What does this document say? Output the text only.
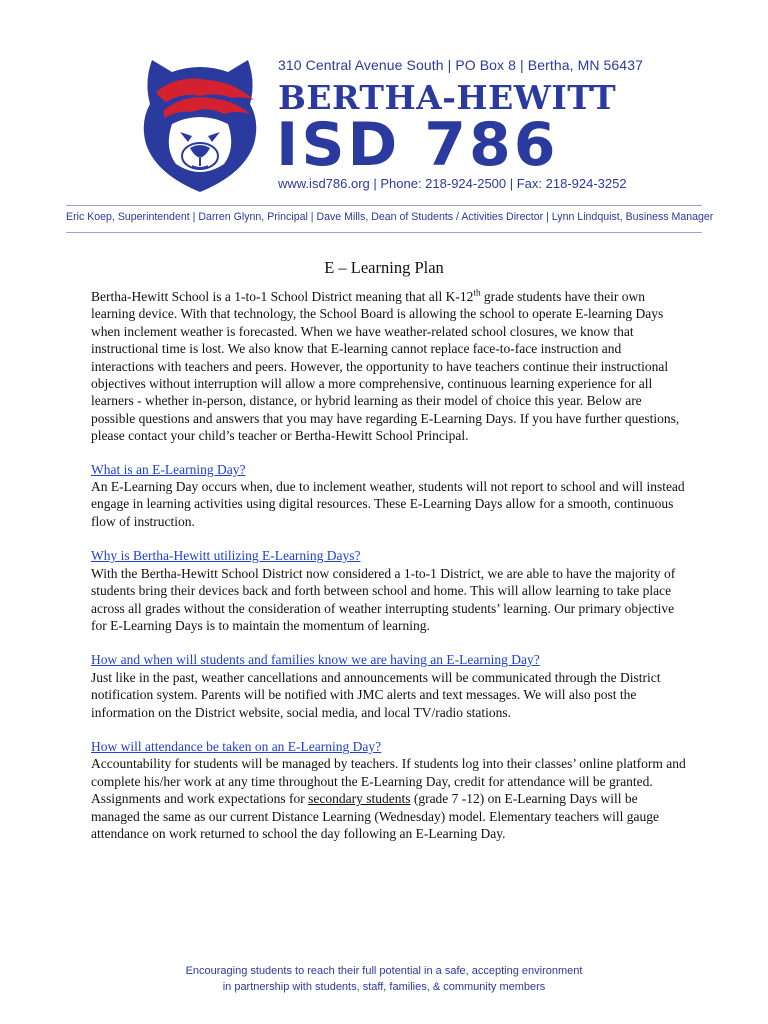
310 Central Avenue South | PO Box 8 | Bertha, MN 56437
BERTHA-HEWITT
ISD 786
www.isd786.org | Phone: 218-924-2500 | Fax: 218-924-3252
Eric Koep, Superintendent | Darren Glynn, Principal | Dave Mills, Dean of Students / Activities Director | Lynn Lindquist, Business Manager
E – Learning Plan

Bertha-Hewitt School is a 1-to-1 School District meaning that all K-12th grade students have their own learning device. With that technology, the School Board is allowing the school to operate E-learning Days when inclement weather is forecasted. When we have weather-related school closures, we know that instructional time is lost. We also know that E-learning cannot replace face-to-face instruction and interactions with teachers and peers. However, the opportunity to have teachers continue their instructional objectives without interruption will allow a more comprehensive, continuous learning experience for all learners - whether in-person, distance, or hybrid learning as their model of choice this year. Below are possible questions and answers that you may have regarding E-Learning Days. If you have further questions, please contact your child’s teacher or Bertha-Hewitt School Principal.

What is an E-Learning Day?

An E-Learning Day occurs when, due to inclement weather, students will not report to school and will instead engage in learning activities using digital resources. These E-Learning Days allow for a smooth, continuous flow of instruction.

Why is Bertha-Hewitt utilizing E-Learning Days?

With the Bertha-Hewitt School District now considered a 1-to-1 District, we are able to have the majority of students bring their devices back and forth between school and home. This will allow learning to take place across all grades without the consideration of weather interrupting students’ learning. Our primary objective for E-Learning Days is to maintain the momentum of learning.

How and when will students and families know we are having an E-Learning Day?

Just like in the past, weather cancellations and announcements will be communicated through the District notification system. Parents will be notified with JMC alerts and text messages. We will also post the information on the District website, social media, and local TV/radio stations.

How will attendance be taken on an E-Learning Day?

Accountability for students will be managed by teachers. If students log into their classes’ online platform and complete his/her work at any time throughout the E-Learning Day, credit for attendance will be granted. Assignments and work expectations for secondary students (grade 7 -12) on E-Learning Days will be managed the same as our current Distance Learning (Wednesday) model. Elementary teachers will gauge attendance on work returned to school the day following an E-Learning Day.

Encouraging students to reach their full potential in a safe, accepting environment
in partnership with students, staff, families, & community members
